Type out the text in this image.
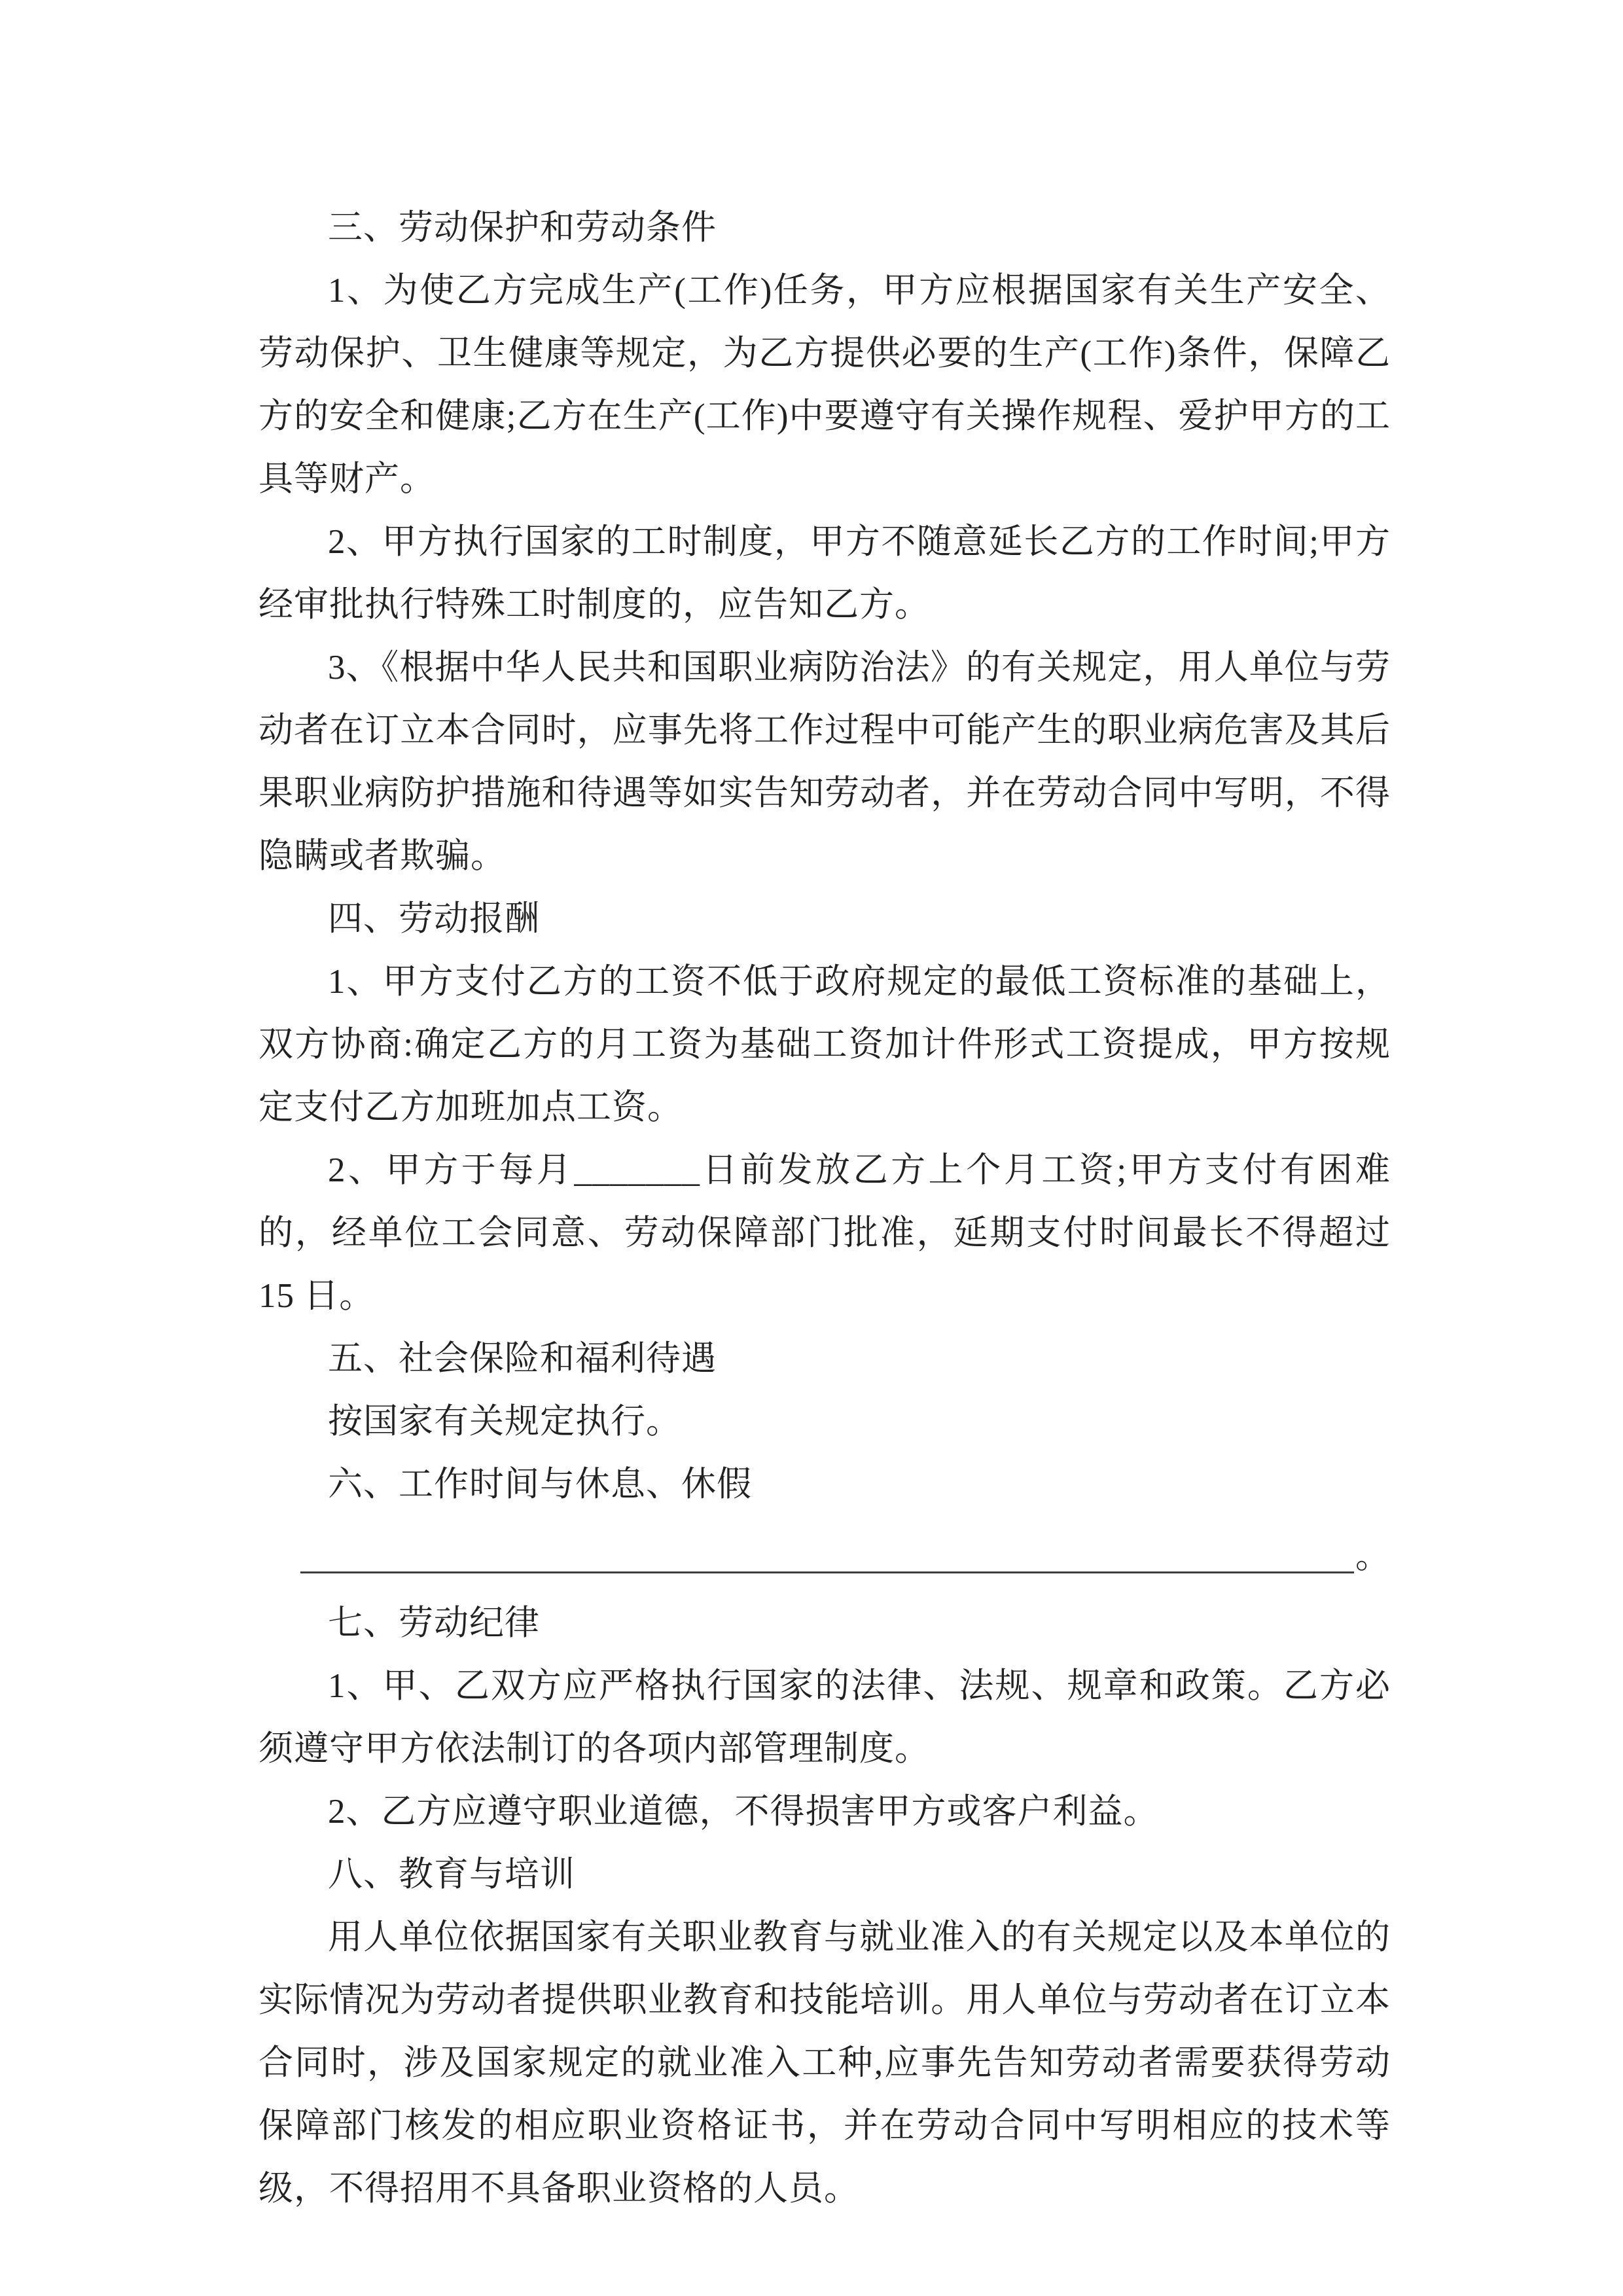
三、劳动保护和劳动条件

1、为使乙方完成生产(工作)任务，甲方应根据国家有关生产安全、劳动保护、卫生健康等规定，为乙方提供必要的生产(工作)条件，保障乙方的安全和健康;乙方在生产(工作)中要遵守有关操作规程、爱护甲方的工具等财产。

2、甲方执行国家的工时制度，甲方不随意延长乙方的工作时间;甲方经审批执行特殊工时制度的，应告知乙方。

3、《根据中华人民共和国职业病防治法》的有关规定，用人单位与劳动者在订立本合同时，应事先将工作过程中可能产生的职业病危害及其后果职业病防护措施和待遇等如实告知劳动者，并在劳动合同中写明，不得隐瞒或者欺骗。

四、劳动报酬

1、甲方支付乙方的工资不低于政府规定的最低工资标准的基础上，双方协商:确定乙方的月工资为基础工资加计件形式工资提成，甲方按规定支付乙方加班加点工资。

2、甲方于每月_______日前发放乙方上个月工资;甲方支付有困难的，经单位工会同意、劳动保障部门批准，延期支付时间最长不得超过 15 日。

五、社会保险和福利待遇

按国家有关规定执行。

六、工作时间与休息、休假

。

七、劳动纪律

1、甲、乙双方应严格执行国家的法律、法规、规章和政策。乙方必须遵守甲方依法制订的各项内部管理制度。

2、乙方应遵守职业道德，不得损害甲方或客户利益。

八、教育与培训

用人单位依据国家有关职业教育与就业准入的有关规定以及本单位的实际情况为劳动者提供职业教育和技能培训。用人单位与劳动者在订立本合同时，涉及国家规定的就业准入工种,应事先告知劳动者需要获得劳动保障部门核发的相应职业资格证书，并在劳动合同中写明相应的技术等级，不得招用不具备职业资格的人员。
